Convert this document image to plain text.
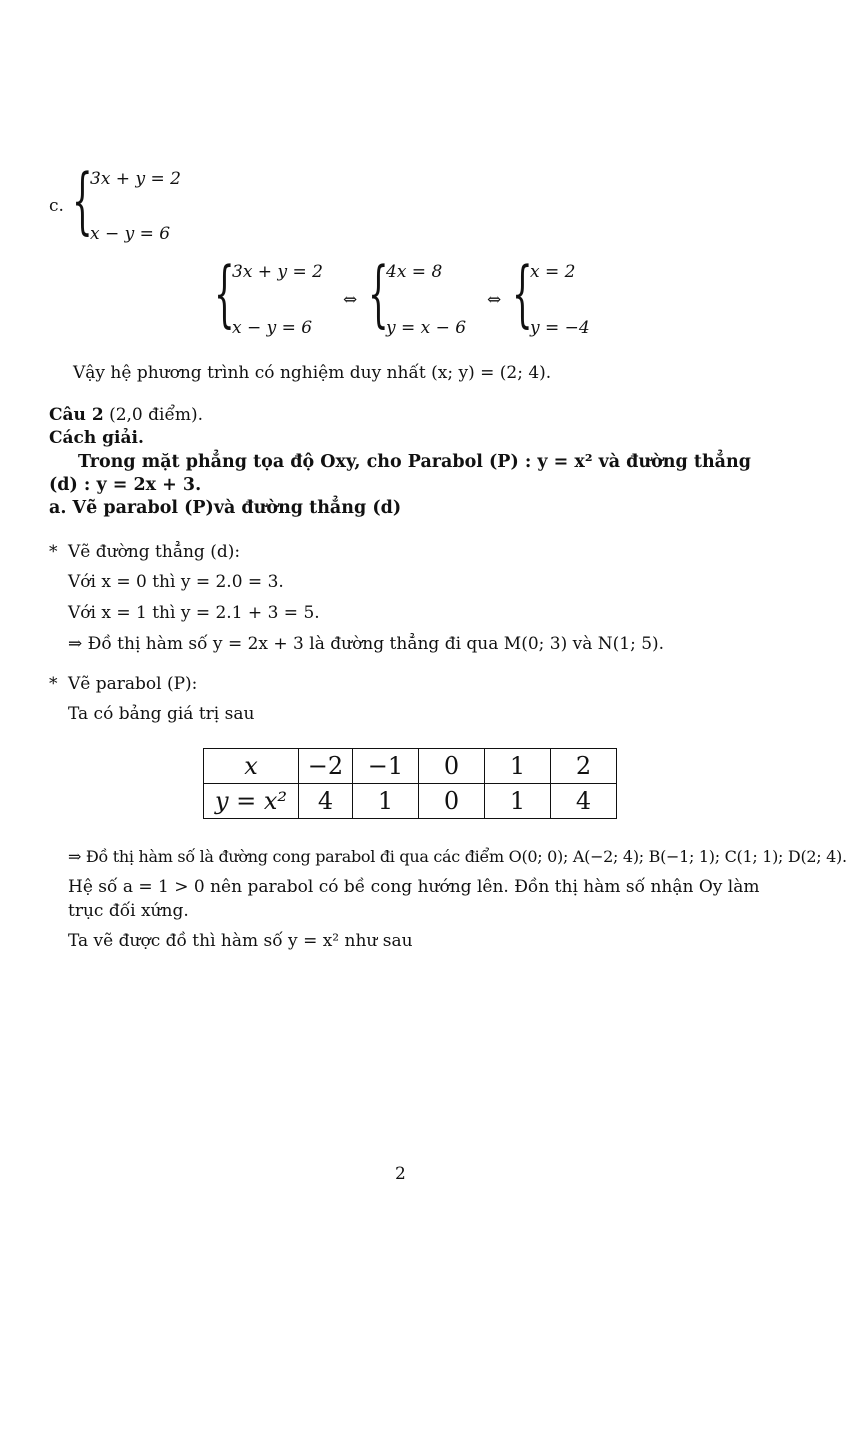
c. {
3x + y = 2
x − y = 6
{
3x + y = 2
x − y = 6
⇔ {
4x = 8
y = x − 6
⇔ {
x = 2
y = −4
Vậy hệ phương trình có nghiệm duy nhất (x; y) = (2; 4).
Câu 2 (2,0 điểm).
Cách giải.
Trong mặt phẳng tọa độ Oxy, cho Parabol (P) : y = x² và đường thẳng
(d) : y = 2x + 3.
a. Vẽ parabol (P)và đường thẳng (d)
* Vẽ đường thẳng (d):
Với x = 0 thì y = 2.0 = 3.
Với x = 1 thì y = 2.1 + 3 = 5.
⇒ Đồ thị hàm số y = 2x + 3 là đường thẳng đi qua M(0; 3) và N(1; 5).
* Vẽ parabol (P):
Ta có bảng giá trị sau
x	−2	−1	0	1	2
y = x²	4	1	0	1	4
⇒ Đồ thị hàm số là đường cong parabol đi qua các điểm O(0; 0); A(−2; 4); B(−1; 1); C(1; 1); D(2; 4).
Hệ số a = 1 > 0 nên parabol có bề cong hướng lên. Đồn thị hàm số nhận Oy làm
trục đối xứng.
Ta vẽ được đồ thì hàm số y = x² như sau
2
